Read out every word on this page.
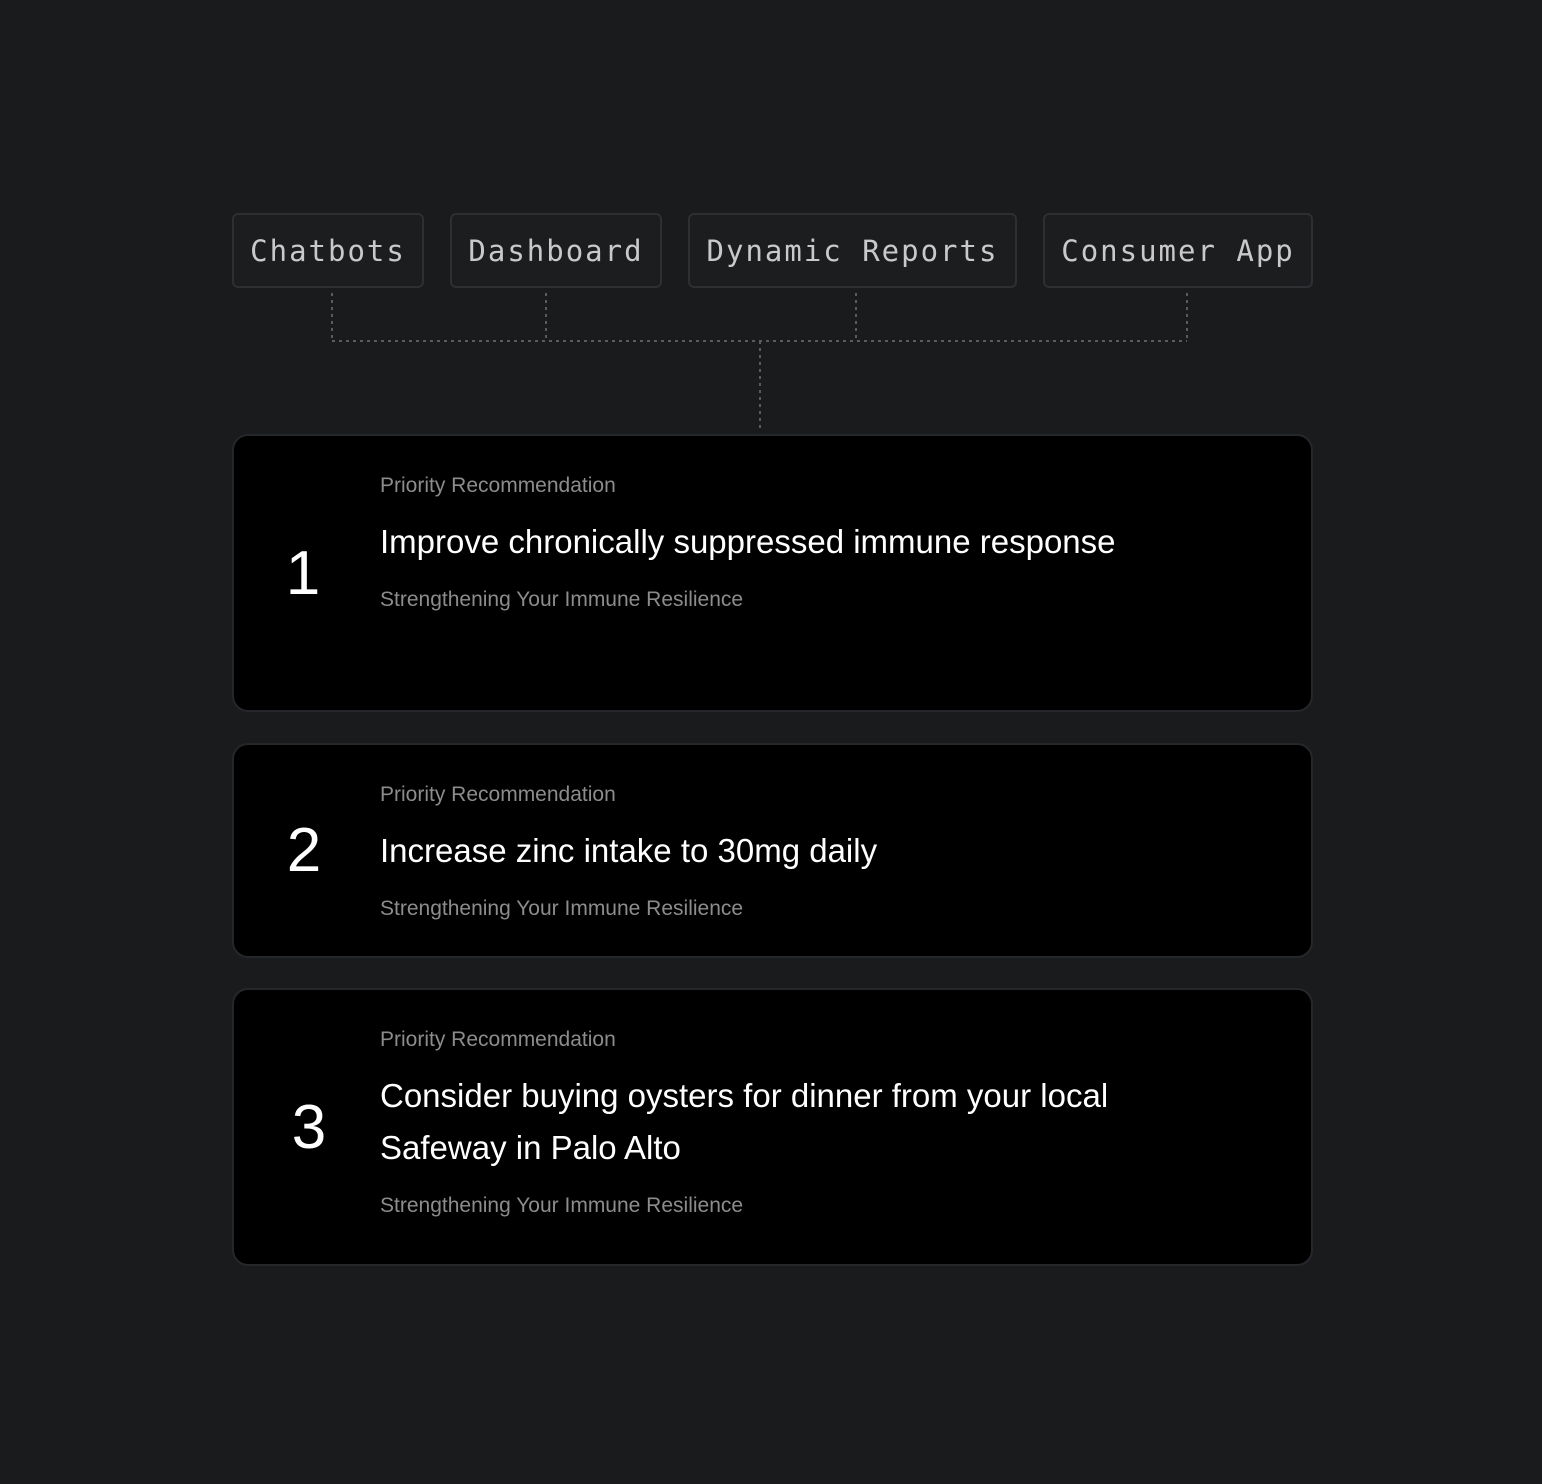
Chatbots	Dashboard	Dynamic Reports	Consumer App
1

Priority Recommendation

Improve chronically suppressed immune response

Strengthening Your Immune Resilience

2

Priority Recommendation

Increase zinc intake to 30mg daily

Strengthening Your Immune Resilience

3

Priority Recommendation

Consider buying oysters for dinner from your local Safeway in Palo Alto

Strengthening Your Immune Resilience
